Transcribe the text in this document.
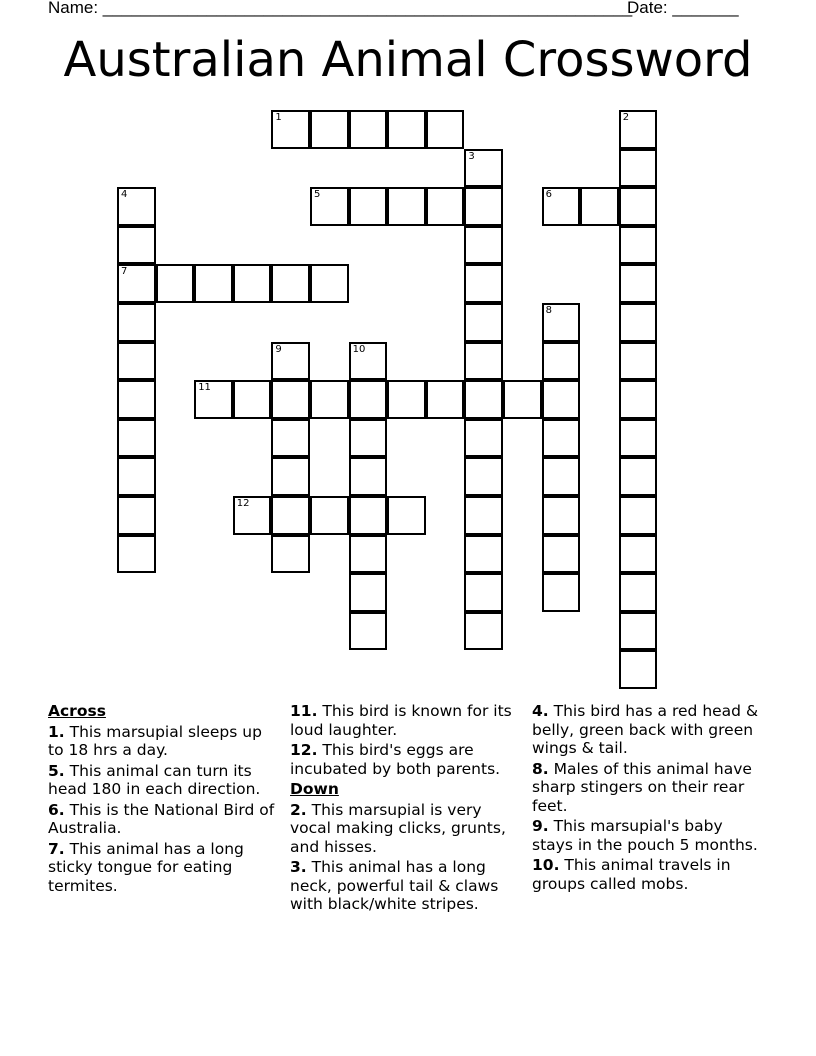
Name: ________________________________________________________
Date: _______
Australian Animal Crossword
1	2
3
4
7
5	6
8
9	10
11
12
Across
1. This marsupial sleeps up to 18 hrs a day.
5. This animal can turn its head 180 in each direction.
6. This is the National Bird of Australia.
7. This animal has a long sticky tongue for eating termites.
11. This bird is known for its loud laughter.
12. This bird's eggs are incubated by both parents.
Down
2. This marsupial is very vocal making clicks, grunts, and hisses.
3. This animal has a long neck, powerful tail & claws with black/white stripes.
4. This bird has a red head & belly, green back with green wings & tail.
8. Males of this animal have sharp stingers on their rear feet.
9. This marsupial's baby stays in the pouch 5 months.
10. This animal travels in groups called mobs.
